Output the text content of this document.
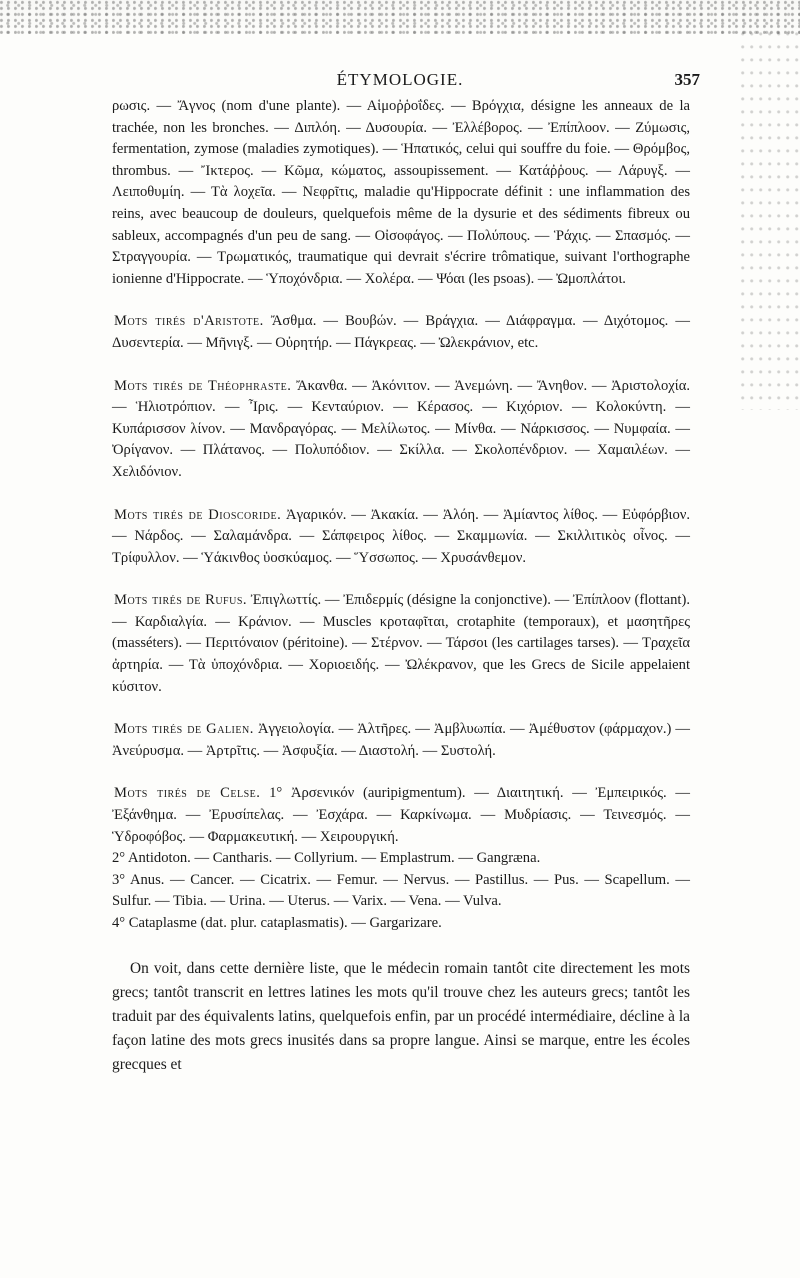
ÉTYMOLOGIE.	357

ρωσις. — Ἄγνος (nom d'une plante). — Αἱμοῤῥοΐδες. — Βρόγχια, désigne les anneaux de la trachée, non les bronches. — Διπλόη. — Δυσουρία. — Ἐλλέβορος. — Ἐπίπλοον. — Ζύμωσις, fermentation, zymose (maladies zymotiques). — Ἡπατικός, celui qui souffre du foie. — Θρόμβος, thrombus. — Ἴκτερος. — Κῶμα, κώματος, assoupissement. — Κατάῤῥους. — Λάρυγξ. — Λειποθυμίη. — Τὰ λοχεῖα. — Νεφρῖτις, maladie qu'Hippocrate définit : une inflammation des reins, avec beaucoup de douleurs, quelquefois même de la dysurie et des sédiments fibreux ou sableux, accompagnés d'un peu de sang. — Οἰσοφάγος. — Πολύπους. — Ῥάχις. — Σπασμός. — Στραγγουρία. — Τρωματικός, traumatique qui devrait s'écrire trômatique, suivant l'orthographe ionienne d'Hippocrate. — Ὑποχόνδρια. — Χολέρα. — Ψόαι (les psoas). — Ὠμοπλάτοι.

Mots tirés d'Aristote. Ἄσθμα. — Βουβών. — Βράγχια. — Διάφραγμα. — Διχότομος. — Δυσεντερία. — Μῆνιγξ. — Οὐρητήρ. — Πάγκρεας. — Ὠλεκράνιον, etc.

Mots tirés de Théophraste. Ἄκανθα. — Ἀκόνιτον. — Ἀνεμώνη. — Ἄνηθον. — Ἀριστολοχία. — Ἡλιοτρόπιον. — Ἶρις. — Κενταύριον. — Κέρασος. — Κιχόριον. — Κολοκύντη. — Κυπάρισσον λίνον. — Μανδραγόρας. — Μελίλωτος. — Μίνθα. — Νάρκισσος. — Νυμφαία. — Ὀρίγανον. — Πλάτανος. — Πολυπόδιον. — Σκίλλα. — Σκολοπένδριον. — Χαμαιλέων. — Χελιδόνιον.

Mots tirés de Dioscoride. Ἀγαρικόν. — Ἀκακία. — Ἀλόη. — Ἀμίαντος λίθος. — Εὐφόρβιον. — Νάρδος. — Σαλαμάνδρα. — Σάπφειρος λίθος. — Σκαμμωνία. — Σκιλλιτικὸς οἶνος. — Τρίφυλλον. — Ὑάκινθος ὑοσκύαμος. — Ὕσσωπος. — Χρυσάνθεμον.

Mots tirés de Rufus. Ἐπιγλωττίς. — Ἐπιδερμίς (désigne la conjonctive). — Ἐπίπλοον (flottant). — Καρδιαλγία. — Κράνιον. — Muscles κροταφῖται, crotaphite (temporaux), et μασητῆρες (masséters). — Περιτόναιον (péritoine). — Στέρνον. — Τάρσοι (les cartilages tarses). — Τραχεῖα ἀρτηρία. — Τὰ ὑποχόνδρια. — Χοριοειδής. — Ὠλέκρανον, que les Grecs de Sicile appelaient κύσιτον.

Mots tirés de Galien. Ἀγγειολογία. — Ἀλτῆρες. — Ἀμβλυωπία. — Ἀμέθυστον (φάρμαχον.) — Ἀνεύρυσμα. — Ἀρτρῖτις. — Ἀσφυξία. — Διαστολή. — Συστολή.

Mots tirés de Celse. 1° Ἀρσενικόν (auripigmentum). — Διαιτητική. — Ἐμπειρικός. — Ἐξάνθημα. — Ἐρυσίπελας. — Ἐσχάρα. — Καρκίνωμα. — Μυδρίασις. — Τεινεσμός. — Ὑδροφόβος. — Φαρμακευτική. — Χειρουργική.

2° Antidoton. — Cantharis. — Collyrium. — Emplastrum. — Gangræna.

3° Anus. — Cancer. — Cicatrix. — Femur. — Nervus. — Pastillus. — Pus. — Scapellum. — Sulfur. — Tibia. — Urina. — Uterus. — Varix. — Vena. — Vulva.

4° Cataplasme (dat. plur. cataplasmatis). — Gargarizare.

On voit, dans cette dernière liste, que le médecin romain tantôt cite directement les mots grecs; tantôt transcrit en lettres latines les mots qu'il trouve chez les auteurs grecs; tantôt les traduit par des équivalents latins, quelquefois enfin, par un procédé intermédiaire, décline à la façon latine des mots grecs inusités dans sa propre langue. Ainsi se marque, entre les écoles grecques et
